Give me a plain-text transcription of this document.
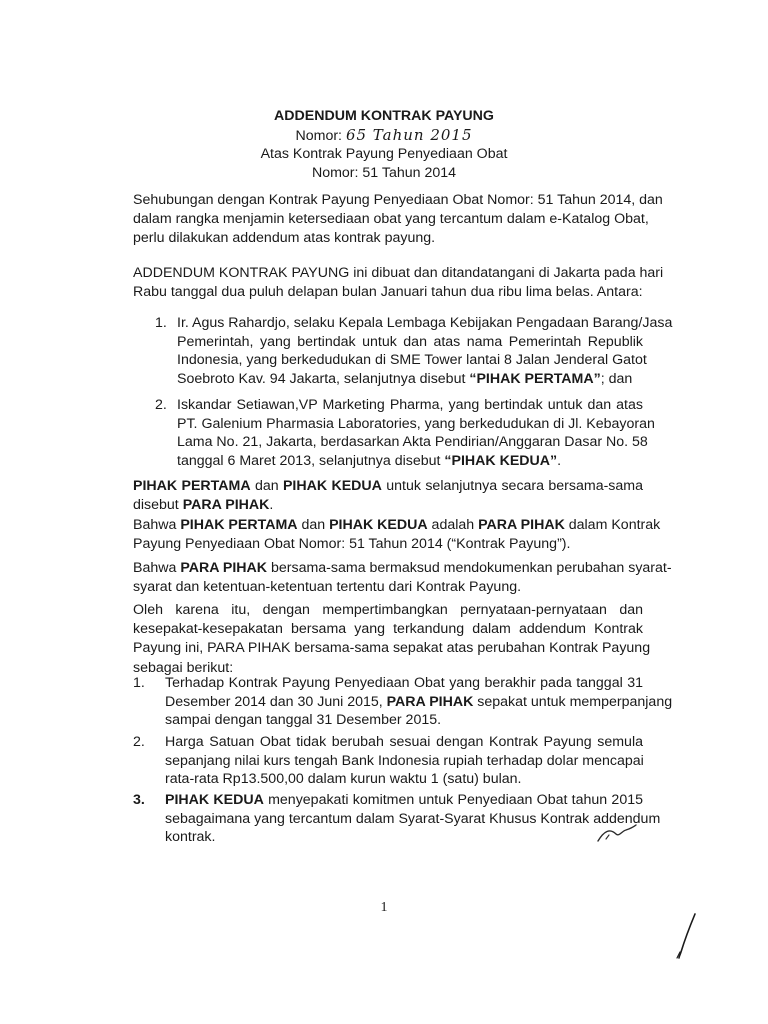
ADDENDUM KONTRAK PAYUNG
Nomor: 65 Tahun 2015
Atas Kontrak Payung Penyediaan Obat
Nomor: 51 Tahun 2014
Sehubungan dengan Kontrak Payung Penyediaan Obat Nomor: 51 Tahun 2014, dan
dalam rangka menjamin ketersediaan obat yang tercantum dalam e-Katalog Obat,
perlu dilakukan addendum atas kontrak payung.
ADDENDUM KONTRAK PAYUNG ini dibuat dan ditandatangani di Jakarta pada hari
Rabu tanggal dua puluh delapan bulan Januari tahun dua ribu lima belas. Antara:
1. Ir. Agus Rahardjo, selaku Kepala Lembaga Kebijakan Pengadaan Barang/Jasa
Pemerintah, yang bertindak untuk dan atas nama Pemerintah Republik
Indonesia, yang berkedudukan di SME Tower lantai 8 Jalan Jenderal Gatot
Soebroto Kav. 94 Jakarta, selanjutnya disebut “PIHAK PERTAMA”; dan
2. Iskandar Setiawan,VP Marketing Pharma, yang bertindak untuk dan atas
PT. Galenium Pharmasia Laboratories, yang berkedudukan di Jl. Kebayoran
Lama No. 21, Jakarta, berdasarkan Akta Pendirian/Anggaran Dasar No. 58
tanggal 6 Maret 2013, selanjutnya disebut “PIHAK KEDUA”.
PIHAK PERTAMA dan PIHAK KEDUA untuk selanjutnya secara bersama-sama
disebut PARA PIHAK.
Bahwa PIHAK PERTAMA dan PIHAK KEDUA adalah PARA PIHAK dalam Kontrak
Payung Penyediaan Obat Nomor: 51 Tahun 2014 (“Kontrak Payung”).
Bahwa PARA PIHAK bersama-sama bermaksud mendokumenkan perubahan syarat-
syarat dan ketentuan-ketentuan tertentu dari Kontrak Payung.
Oleh karena itu, dengan mempertimbangkan pernyataan-pernyataan dan
kesepakat-kesepakatan bersama yang terkandung dalam addendum Kontrak
Payung ini, PARA PIHAK bersama-sama sepakat atas perubahan Kontrak Payung
sebagai berikut:
1. Terhadap Kontrak Payung Penyediaan Obat yang berakhir pada tanggal 31
Desember 2014 dan 30 Juni 2015, PARA PIHAK sepakat untuk memperpanjang
sampai dengan tanggal 31 Desember 2015.
2. Harga Satuan Obat tidak berubah sesuai dengan Kontrak Payung semula
sepanjang nilai kurs tengah Bank Indonesia rupiah terhadap dolar mencapai
rata-rata Rp13.500,00 dalam kurun waktu 1 (satu) bulan.
3. PIHAK KEDUA menyepakati komitmen untuk Penyediaan Obat tahun 2015
sebagaimana yang tercantum dalam Syarat-Syarat Khusus Kontrak addendum
kontrak.
1
